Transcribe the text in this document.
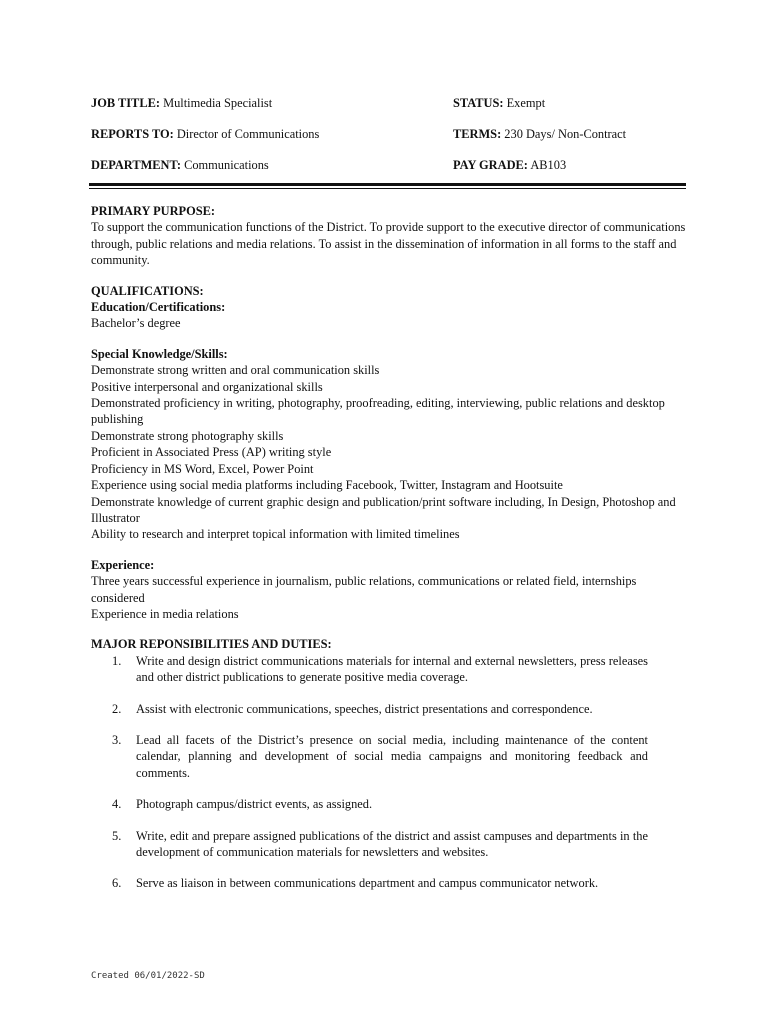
JOB TITLE: Multimedia Specialist	STATUS: Exempt
REPORTS TO: Director of Communications	TERMS: 230 Days/ Non-Contract
DEPARTMENT: Communications	PAY GRADE: AB103
PRIMARY PURPOSE:
To support the communication functions of the District. To provide support to the executive director of communications through, public relations and media relations. To assist in the dissemination of information in all forms to the staff and community.
QUALIFICATIONS:
Education/Certifications:
Bachelor’s degree
Special Knowledge/Skills:
Demonstrate strong written and oral communication skills
Positive interpersonal and organizational skills
Demonstrated proficiency in writing, photography, proofreading, editing, interviewing, public relations and desktop publishing
Demonstrate strong photography skills
Proficient in Associated Press (AP) writing style
Proficiency in MS Word, Excel, Power Point
Experience using social media platforms including Facebook, Twitter, Instagram and Hootsuite
Demonstrate knowledge of current graphic design and publication/print software including, In Design, Photoshop and Illustrator
Ability to research and interpret topical information with limited timelines
Experience:
Three years successful experience in journalism, public relations, communications or related field, internships considered
Experience in media relations
MAJOR REPONSIBILITIES AND DUTIES:
1. Write and design district communications materials for internal and external newsletters, press releases and other district publications to generate positive media coverage.
2. Assist with electronic communications, speeches, district presentations and correspondence.
3. Lead all facets of the District’s presence on social media, including maintenance of the content calendar, planning and development of social media campaigns and monitoring feedback and comments.
4. Photograph campus/district events, as assigned.
5. Write, edit and prepare assigned publications of the district and assist campuses and departments in the development of communication materials for newsletters and websites.
6. Serve as liaison in between communications department and campus communicator network.
Created 06/01/2022-SD
